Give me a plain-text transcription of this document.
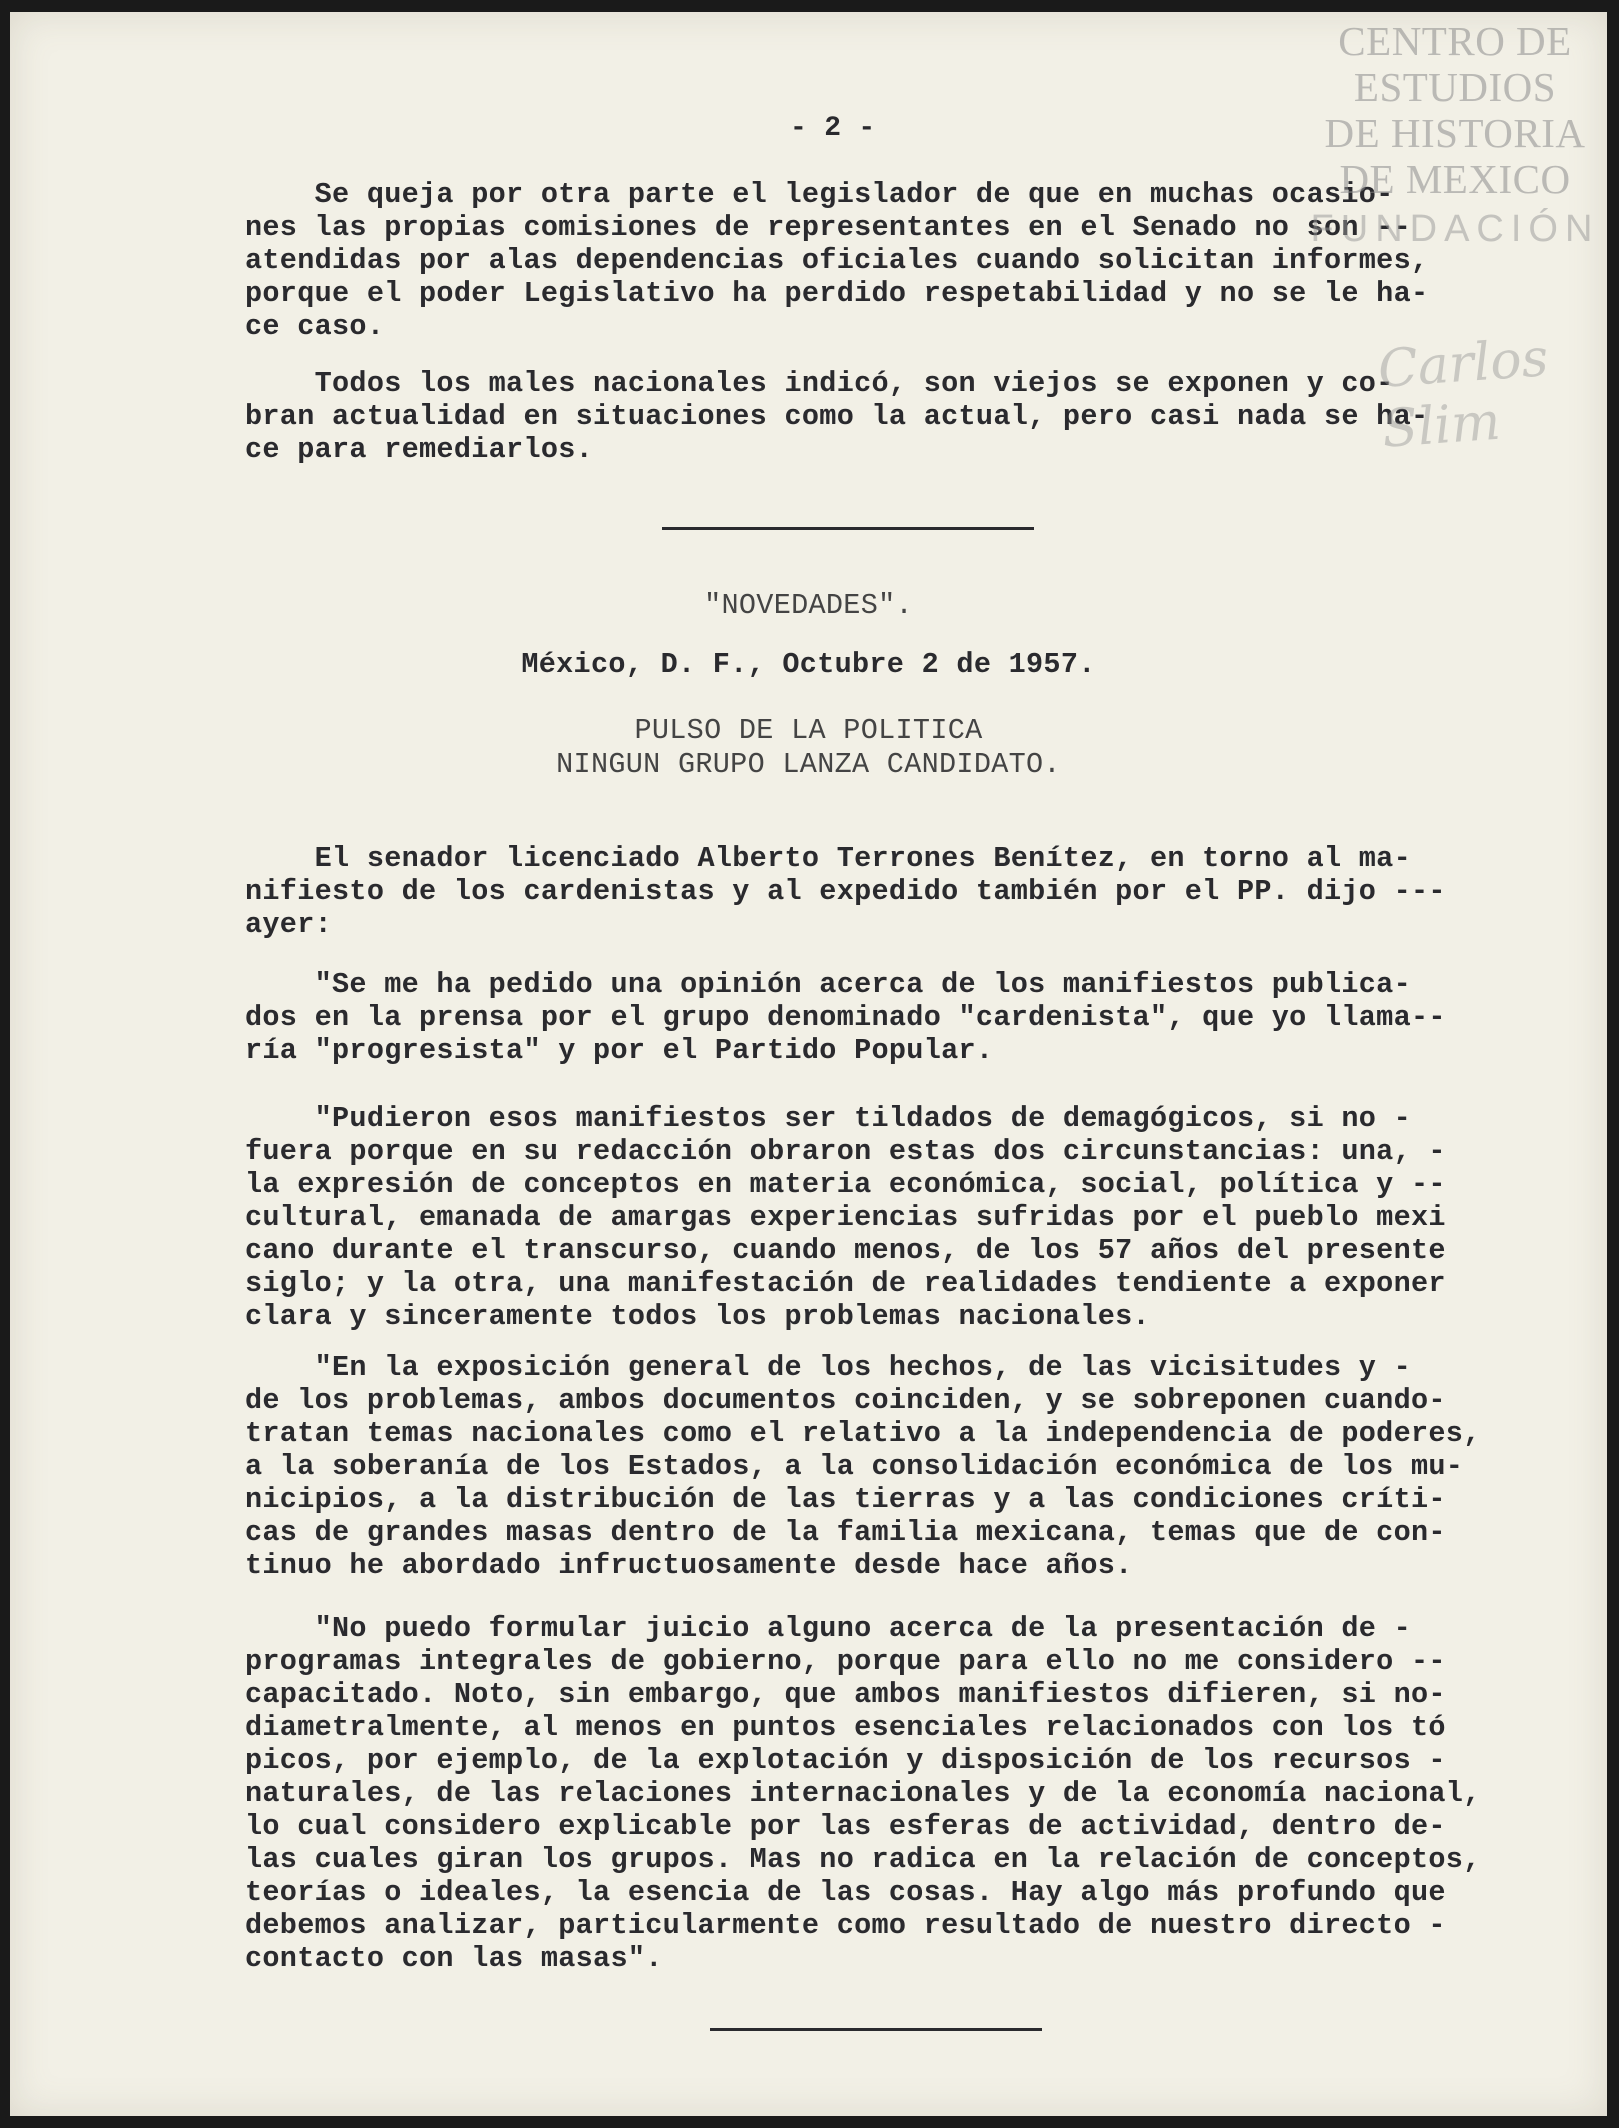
- 2 -
Se queja por otra parte el legislador de que en muchas ocasio-
nes las propias comisiones de representantes en el Senado no son --
atendidas por alas dependencias oficiales cuando solicitan informes,
porque el poder Legislativo ha perdido respetabilidad y no se le ha-
ce caso.
Todos los males nacionales indicó, son viejos se exponen y co-
bran actualidad en situaciones como la actual, pero casi nada se ha-
ce para remediarlos.
"NOVEDADES".
México, D. F., Octubre 2 de 1957.
PULSO DE LA POLITICA
NINGUN GRUPO LANZA CANDIDATO.
El senador licenciado Alberto Terrones Benítez, en torno al ma-
nifiesto de los cardenistas y al expedido también por el PP. dijo ---
ayer:
"Se me ha pedido una opinión acerca de los manifiestos publica-
dos en la prensa por el grupo denominado "cardenista", que yo llama--
ría "progresista" y por el Partido Popular.
"Pudieron esos manifiestos ser tildados de demagógicos, si no -
fuera porque en su redacción obraron estas dos circunstancias: una, -
la expresión de conceptos en materia económica, social, política y --
cultural, emanada de amargas experiencias sufridas por el pueblo mexi
cano durante el transcurso, cuando menos, de los 57 años del presente
siglo; y la otra, una manifestación de realidades tendiente a exponer
clara y sinceramente todos los problemas nacionales.
"En la exposición general de los hechos, de las vicisitudes y -
de los problemas, ambos documentos coinciden, y se sobreponen cuando-
tratan temas nacionales como el relativo a la independencia de poderes,
a la soberanía de los Estados, a la consolidación económica de los mu-
nicipios, a la distribución de las tierras y a las condiciones críti-
cas de grandes masas dentro de la familia mexicana, temas que de con-
tinuo he abordado infructuosamente desde hace años.
"No puedo formular juicio alguno acerca de la presentación de -
programas integrales de gobierno, porque para ello no me considero --
capacitado. Noto, sin embargo, que ambos manifiestos difieren, si no-
diametralmente, al menos en puntos esenciales relacionados con los tó
picos, por ejemplo, de la explotación y disposición de los recursos -
naturales, de las relaciones internacionales y de la economía nacional,
lo cual considero explicable por las esferas de actividad, dentro de-
las cuales giran los grupos. Mas no radica en la relación de conceptos,
teorías o ideales, la esencia de las cosas. Hay algo más profundo que
debemos analizar, particularmente como resultado de nuestro directo -
contacto con las masas".
CENTRO DE
ESTUDIOS
DE HISTORIA
DE MEXICO
FUNDACIÓN
Carlos Slim
